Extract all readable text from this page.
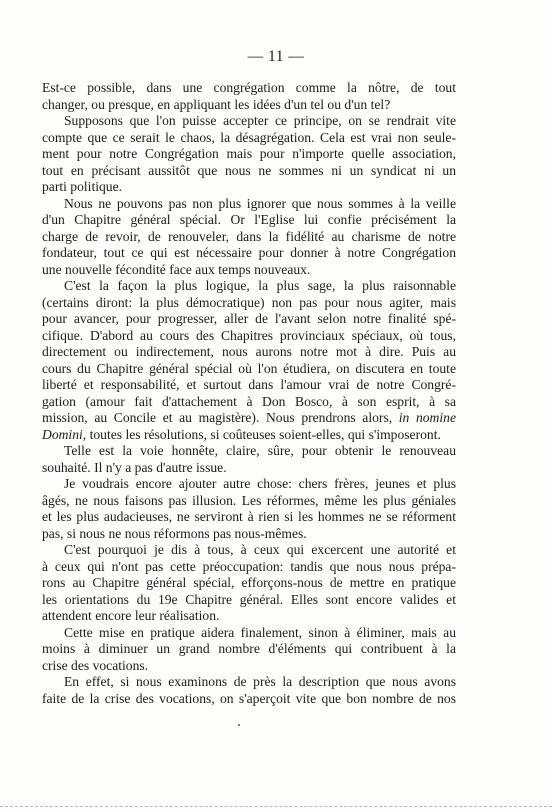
— 11 —
Est-ce possible, dans une congrégation comme la nôtre, de tout
changer, ou presque, en appliquant les idées d'un tel ou d'un tel?
Supposons que l'on puisse accepter ce principe, on se rendrait vite
compte que ce serait le chaos, la désagrégation. Cela est vrai non seule-
ment pour notre Congrégation mais pour n'importe quelle association,
tout en précisant aussitôt que nous ne sommes ni un syndicat ni un
parti politique.
Nous ne pouvons pas non plus ignorer que nous sommes à la veille
d'un Chapitre général spécial. Or l'Eglise lui confie précisément la
charge de revoir, de renouveler, dans la fidélité au charisme de notre
fondateur, tout ce qui est nécessaire pour donner à notre Congrégation
une nouvelle fécondité face aux temps nouveaux.
C'est la façon la plus logique, la plus sage, la plus raisonnable
(certains diront: la plus démocratique) non pas pour nous agiter, mais
pour avancer, pour progresser, aller de l'avant selon notre finalité spé-
cifique. D'abord au cours des Chapitres provinciaux spéciaux, où tous,
directement ou indirectement, nous aurons notre mot à dire. Puis au
cours du Chapitre général spécial où l'on étudiera, on discutera en toute
liberté et responsabilité, et surtout dans l'amour vrai de notre Congré-
gation (amour fait d'attachement à Don Bosco, à son esprit, à sa
mission, au Concile et au magistère). Nous prendrons alors, in nomine
Domini, toutes les résolutions, si coûteuses soient-elles, qui s'imposeront.
Telle est la voie honnête, claire, sûre, pour obtenir le renouveau
souhaité. Il n'y a pas d'autre issue.
Je voudrais encore ajouter autre chose: chers frères, jeunes et plus
âgés, ne nous faisons pas illusion. Les réformes, même les plus géniales
et les plus audacieuses, ne serviront à rien si les hommes ne se réforment
pas, si nous ne nous réformons pas nous-mêmes.
C'est pourquoi je dis à tous, à ceux qui excercent une autorité et
à ceux qui n'ont pas cette préoccupation: tandis que nous nous prépa-
rons au Chapitre général spécial, efforçons-nous de mettre en pratique
les orientations du 19e Chapitre général. Elles sont encore valides et
attendent encore leur réalisation.
Cette mise en pratique aidera finalement, sinon à éliminer, mais au
moins à diminuer un grand nombre d'éléments qui contribuent à la
crise des vocations.
En effet, si nous examinons de près la description que nous avons
faite de la crise des vocations, on s'aperçoit vite que bon nombre de nos
